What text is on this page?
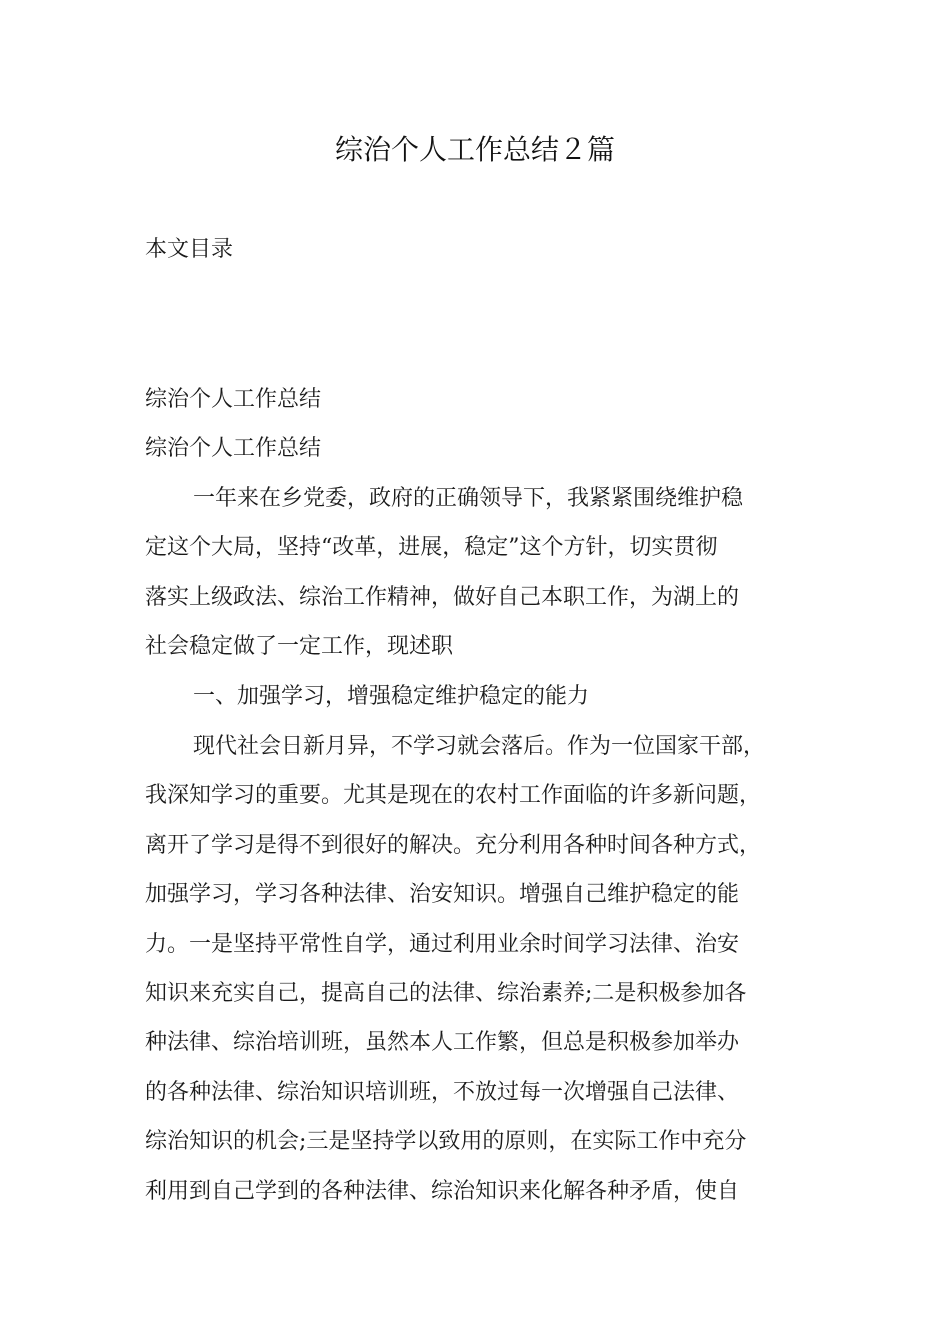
综治个人工作总结２篇
本文目录
综治个人工作总结
综治个人工作总结
一年来在乡党委，政府的正确领导下，我紧紧围绕维护稳
定这个大局，坚持“改革，进展，稳定”这个方针，切实贯彻
落实上级政法、综治工作精神，做好自己本职工作，为湖上的
社会稳定做了一定工作，现述职
一、加强学习，增强稳定维护稳定的能力
现代社会日新月异，不学习就会落后。作为一位国家干部，
我深知学习的重要。尤其是现在的农村工作面临的许多新问题，
离开了学习是得不到很好的解决。充分利用各种时间各种方式，
加强学习，学习各种法律、治安知识。增强自己维护稳定的能
力。一是坚持平常性自学，通过利用业余时间学习法律、治安
知识来充实自己，提高自己的法律、综治素养;二是积极参加各
种法律、综治培训班，虽然本人工作繁，但总是积极参加举办
的各种法律、综治知识培训班，不放过每一次增强自己法律、
综治知识的机会;三是坚持学以致用的原则，在实际工作中充分
利用到自己学到的各种法律、综治知识来化解各种矛盾，使自
